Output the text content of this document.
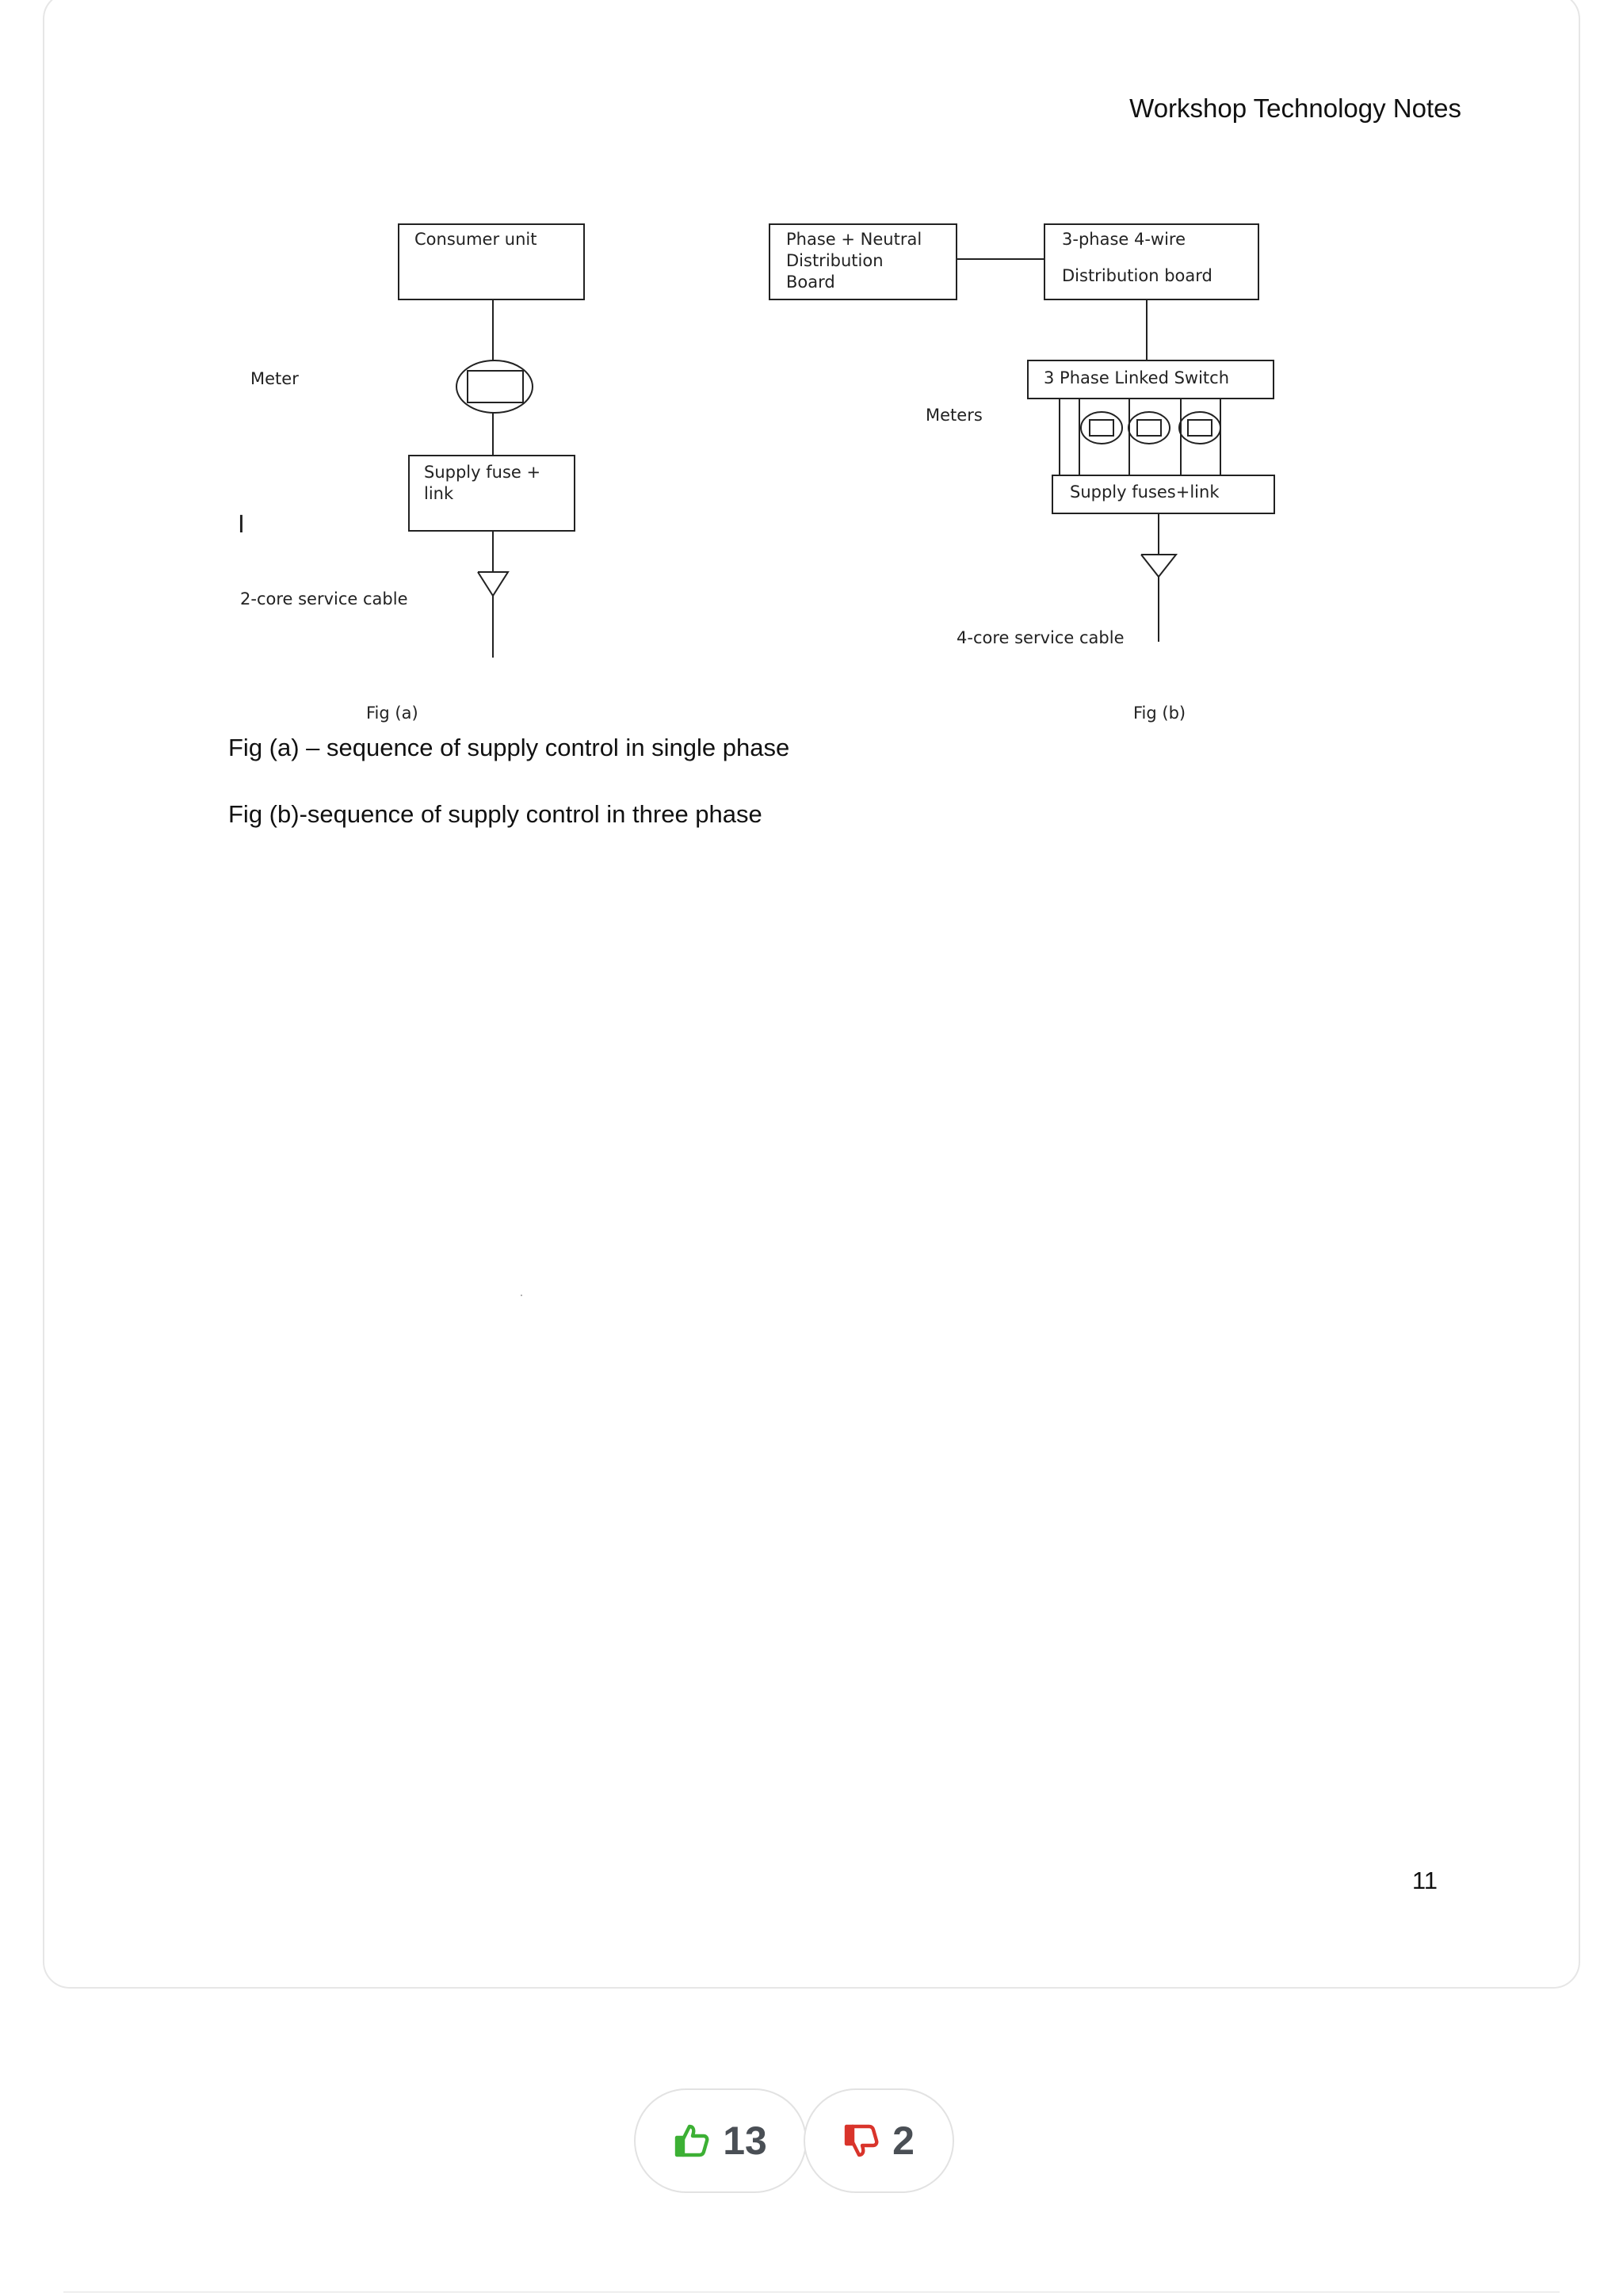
Workshop Technology Notes
Consumer unit
Meter
Supply fuse +
link
I
2-core service cable
Fig (a)
Phase + Neutral
Distribution
Board
3-phase 4-wire
Distribution board
3 Phase Linked Switch
Meters
Supply fuses+link
4-core service cable
Fig (b)
Fig (a) – sequence of supply control in single phase
Fig (b)-sequence of supply control in three phase
11
13	2
